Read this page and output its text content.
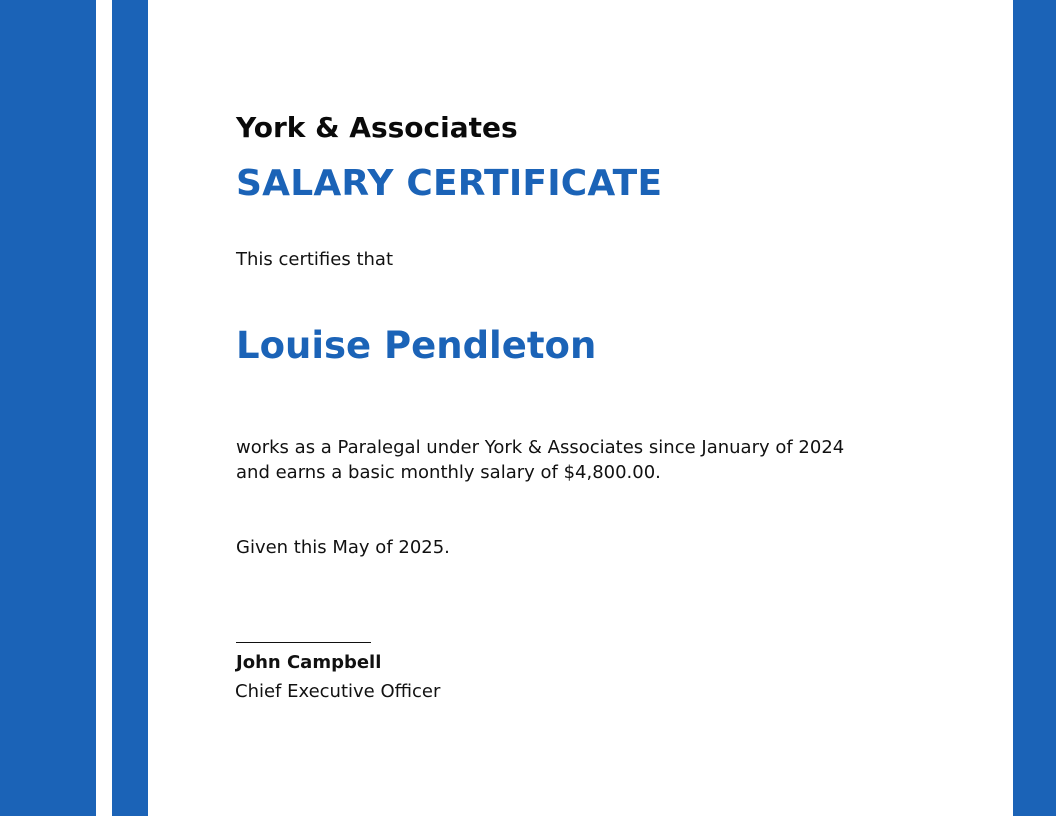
York & Associates
SALARY CERTIFICATE
This certifies that
Louise Pendleton

works as a Paralegal under York & Associates since January of 2024
and earns a basic monthly salary of $4,800.00.

Given this May of 2025.
John Campbell
Chief Executive Officer
